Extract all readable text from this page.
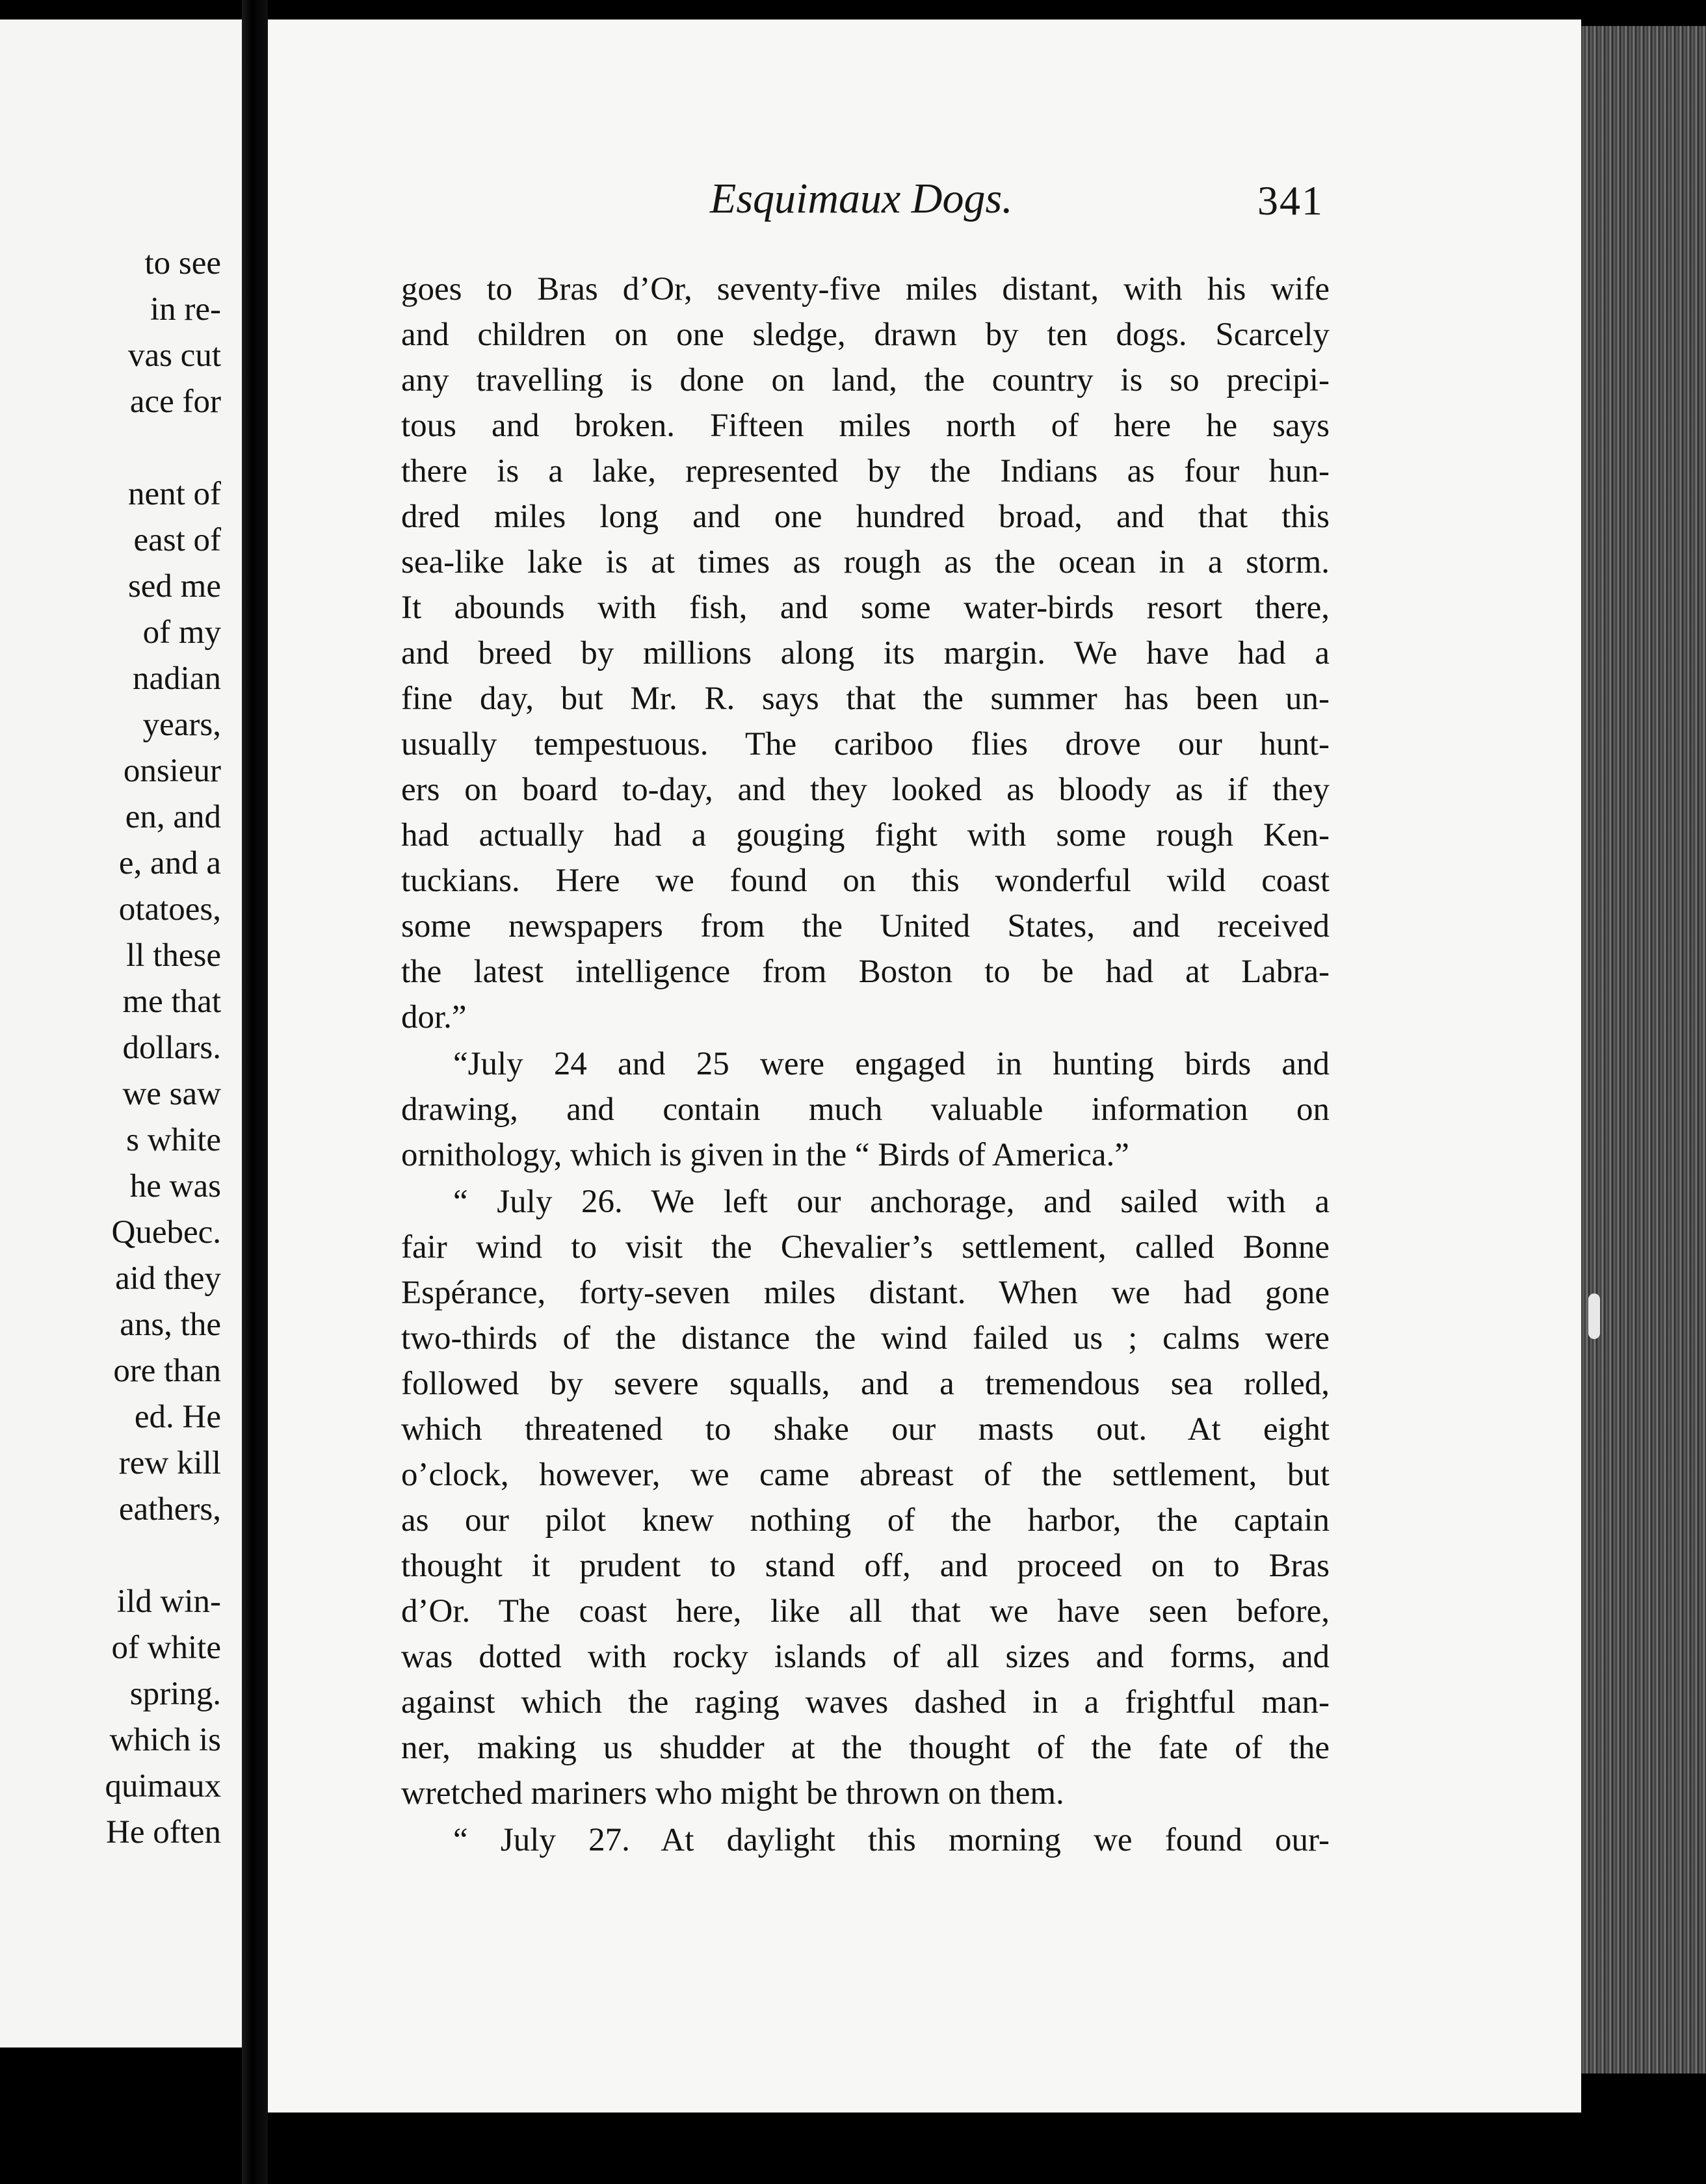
to see
in re-
vas cut
ace for

nent of
east of
sed me
of my
nadian
years,
onsieur
en, and
e, and a
otatoes,
ll these
me that
dollars.
we saw
s white
he was
Quebec.
aid they
ans, the
ore than
ed. He
rew kill
eathers,

ild win-
of white
spring.
which is
quimaux
He often
Esquimaux Dogs.	341
goes to Bras d’Or, seventy-five miles distant, with his wife
and children on one sledge, drawn by ten dogs. Scarcely
any travelling is done on land, the country is so precipi-
tous and broken. Fifteen miles north of here he says
there is a lake, represented by the Indians as four hun-
dred miles long and one hundred broad, and that this
sea-like lake is at times as rough as the ocean in a storm.
It abounds with fish, and some water-birds resort there,
and breed by millions along its margin. We have had a
fine day, but Mr. R. says that the summer has been un-
usually tempestuous. The cariboo flies drove our hunt-
ers on board to-day, and they looked as bloody as if they
had actually had a gouging fight with some rough Ken-
tuckians. Here we found on this wonderful wild coast
some newspapers from the United States, and received
the latest intelligence from Boston to be had at Labra-
dor.”
“July 24 and 25 were engaged in hunting birds and
drawing, and contain much valuable information on
ornithology, which is given in the “ Birds of America.”
“ July 26. We left our anchorage, and sailed with a
fair wind to visit the Chevalier’s settlement, called Bonne
Espérance, forty-seven miles distant. When we had gone
two-thirds of the distance the wind failed us ; calms were
followed by severe squalls, and a tremendous sea rolled,
which threatened to shake our masts out. At eight
o’clock, however, we came abreast of the settlement, but
as our pilot knew nothing of the harbor, the captain
thought it prudent to stand off, and proceed on to Bras
d’Or. The coast here, like all that we have seen before,
was dotted with rocky islands of all sizes and forms, and
against which the raging waves dashed in a frightful man-
ner, making us shudder at the thought of the fate of the
wretched mariners who might be thrown on them.
“ July 27. At daylight this morning we found our-
